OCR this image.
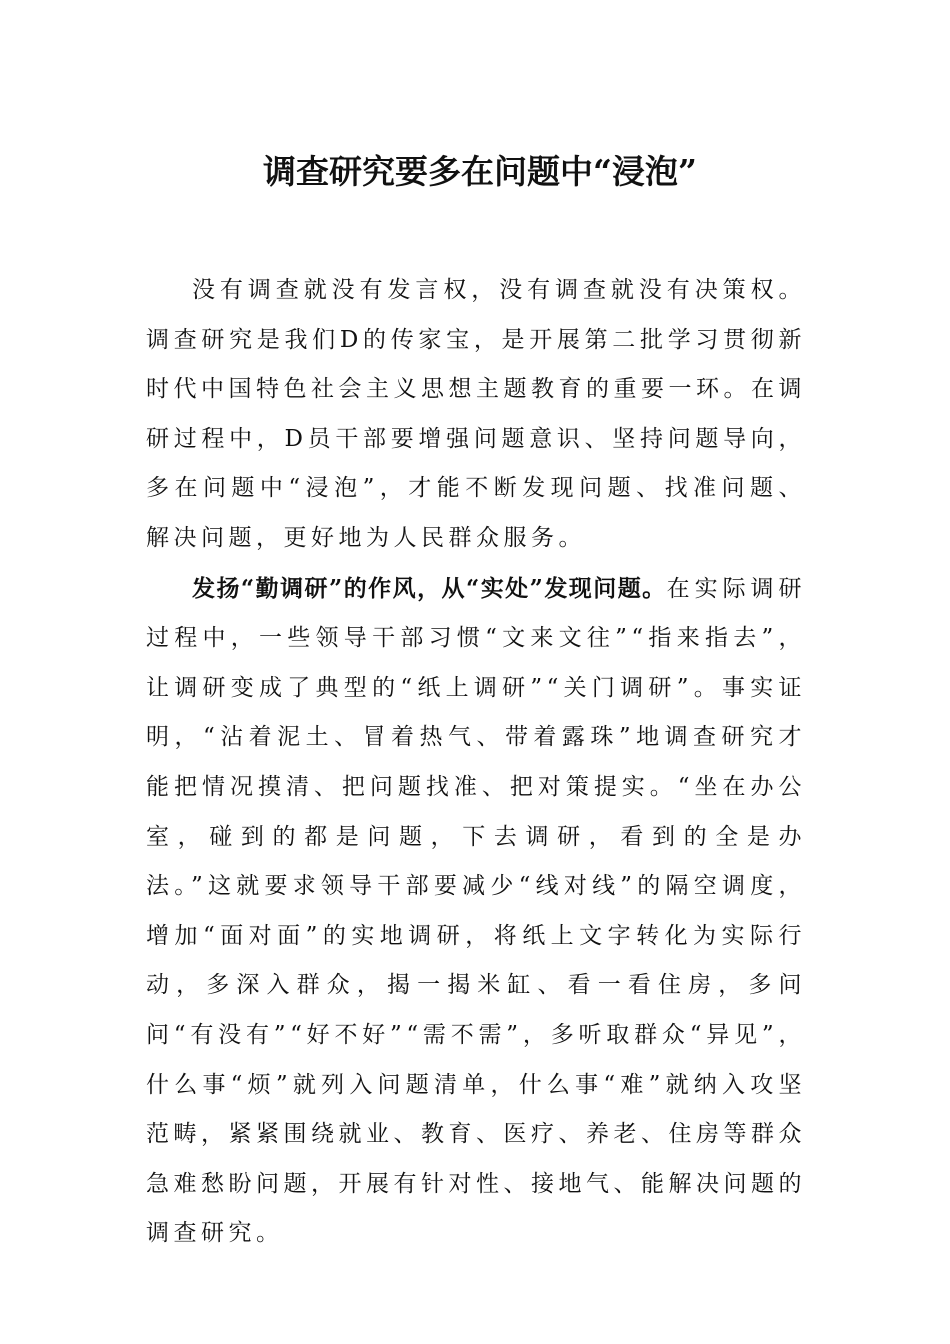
调查研究要多在问题中“浸泡”

没有调查就没有发言权，没有调查就没有决策权。调查研究是我们D的传家宝，是开展第二批学习贯彻新时代中国特色社会主义思想主题教育的重要一环。在调研过程中，D员干部要增强问题意识、坚持问题导向，多在问题中“浸泡”，才能不断发现问题、找准问题、解决问题，更好地为人民群众服务。

发扬“勤调研”的作风，从“实处”发现问题。在实际调研过程中，一些领导干部习惯“文来文往”“指来指去”，让调研变成了典型的“纸上调研”“关门调研”。事实证明，“沾着泥土、冒着热气、带着露珠”地调查研究才能把情况摸清、把问题找准、把对策提实。“坐在办公室，碰到的都是问题，下去调研，看到的全是办法。”这就要求领导干部要减少“线对线”的隔空调度，增加“面对面”的实地调研，将纸上文字转化为实际行动，多深入群众，揭一揭米缸、看一看住房，多问问“有没有”“好不好”“需不需”，多听取群众“异见”，什么事“烦”就列入问题清单，什么事“难”就纳入攻坚范畴，紧紧围绕就业、教育、医疗、养老、住房等群众急难愁盼问题，开展有针对性、接地气、能解决问题的调查研究。
